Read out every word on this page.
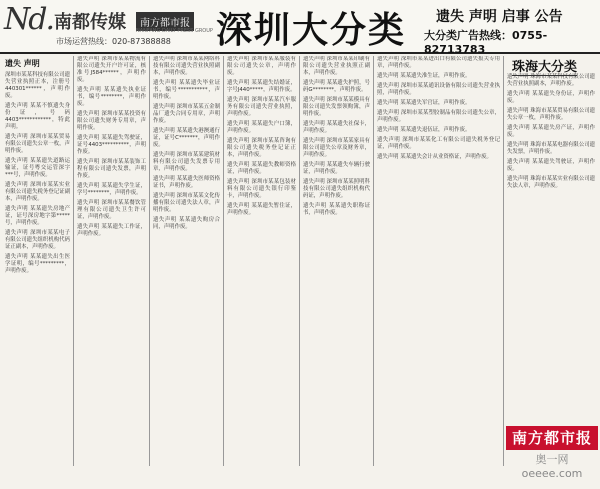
Nd. 南都传媒	南方都市报
NANFANG DAILY PRESS GROUP
市场运营热线：020-87388888 深圳大分类 遗失 声明 启事 公告
大分类广告热线：0755-82713783
遗失 声明

深圳市某某科技有限公司遗失营业执照正本，注册号440301******，声明作废。

遗失声明 某某不慎遗失身份证，号码4403************，特此声明。

遗失声明 深圳市某某贸易有限公司遗失公章一枚，声明作废。

遗失声明 某某遗失道路运输证，证号粤交运管深字***号，声明作废。

遗失声明 深圳市某某实业有限公司遗失税务登记证副本，声明作废。

遗失声明 某某遗失房地产证，证号深房地字第*****号，声明作废。

遗失声明 深圳市某某电子有限公司遗失组织机构代码证正副本，声明作废。

遗失声明 某某遗失出生医学证明，编号*********，声明作废。

遗失声明 深圳市某某物流有限公司遗失开户许可证，核准号J584******，声明作废。

遗失声明 某某遗失执业证书，编号********，声明作废。

遗失声明 深圳市某某投资有限公司遗失财务专用章，声明作废。

遗失声明 某某遗失驾驶证，证号4403**********，声明作废。

遗失声明 深圳市某某装饰工程有限公司遗失发票，声明作废。

遗失声明 某某遗失学生证，学号********，声明作废。

遗失声明 深圳市某某餐饮管理有限公司遗失卫生许可证，声明作废。

遗失声明 某某遗失工作证，声明作废。

遗失声明 深圳市某某网络科技有限公司遗失营业执照副本，声明作废。

遗失声明 某某遗失毕业证书，编号***********，声明作废。

遗失声明 深圳市某某五金制品厂遗失合同专用章，声明作废。

遗失声明 某某遗失港澳通行证，证号C*******，声明作废。

遗失声明 深圳市某某建筑材料有限公司遗失发票专用章，声明作废。

遗失声明 某某遗失医师资格证书，声明作废。

遗失声明 深圳市某某文化传播有限公司遗失法人章，声明作废。

遗失声明 某某遗失购房合同，声明作废。

遗失声明 深圳市某某服装有限公司遗失公章，声明作废。

遗失声明 某某遗失结婚证，字号J440*****，声明作废。

遗失声明 深圳市某某汽车服务有限公司遗失营业执照，声明作废。

遗失声明 某某遗失户口簿，声明作废。

遗失声明 深圳市某某咨询有限公司遗失税务登记证正本，声明作废。

遗失声明 某某遗失教师资格证，声明作废。

遗失声明 深圳市某某包装材料有限公司遗失银行印鉴卡，声明作废。

遗失声明 某某遗失暂住证，声明作废。

遗失声明 深圳市某某印刷有限公司遗失营业执照正副本，声明作废。

遗失声明 某某遗失护照，号码G********，声明作废。

遗失声明 深圳市某某模具有限公司遗失发票领购簿，声明作废。

遗失声明 某某遗失社保卡，声明作废。

遗失声明 深圳市某某家具有限公司遗失公章及财务章，声明作废。

遗失声明 某某遗失车辆行驶证，声明作废。

遗失声明 深圳市某某照明科技有限公司遗失组织机构代码证，声明作废。

遗失声明 某某遗失职称证书，声明作废。

遗失声明 深圳市某某进出口有限公司遗失报关专用章，声明作废。

遗失声明 某某遗失准生证，声明作废。

遗失声明 深圳市某某通讯设备有限公司遗失营业执照，声明作废。

遗失声明 某某遗失军官证，声明作废。

遗失声明 深圳市某某塑胶制品有限公司遗失公章，声明作废。

遗失声明 某某遗失退伍证，声明作废。

遗失声明 深圳市某某化工有限公司遗失税务登记证，声明作废。

遗失声明 某某遗失会计从业资格证，声明作废。

遗失声明 珠海市某某科技有限公司遗失营业执照副本，声明作废。

遗失声明 某某遗失身份证，声明作废。

遗失声明 珠海市某某贸易有限公司遗失公章一枚，声明作废。

遗失声明 某某遗失房产证，声明作废。

遗失声明 珠海市某某电器有限公司遗失发票，声明作废。

遗失声明 某某遗失驾驶证，声明作废。

遗失声明 珠海市某某实业有限公司遗失法人章，声明作废。

珠海大分类
南方都市报
奥一网 oeeee.com
